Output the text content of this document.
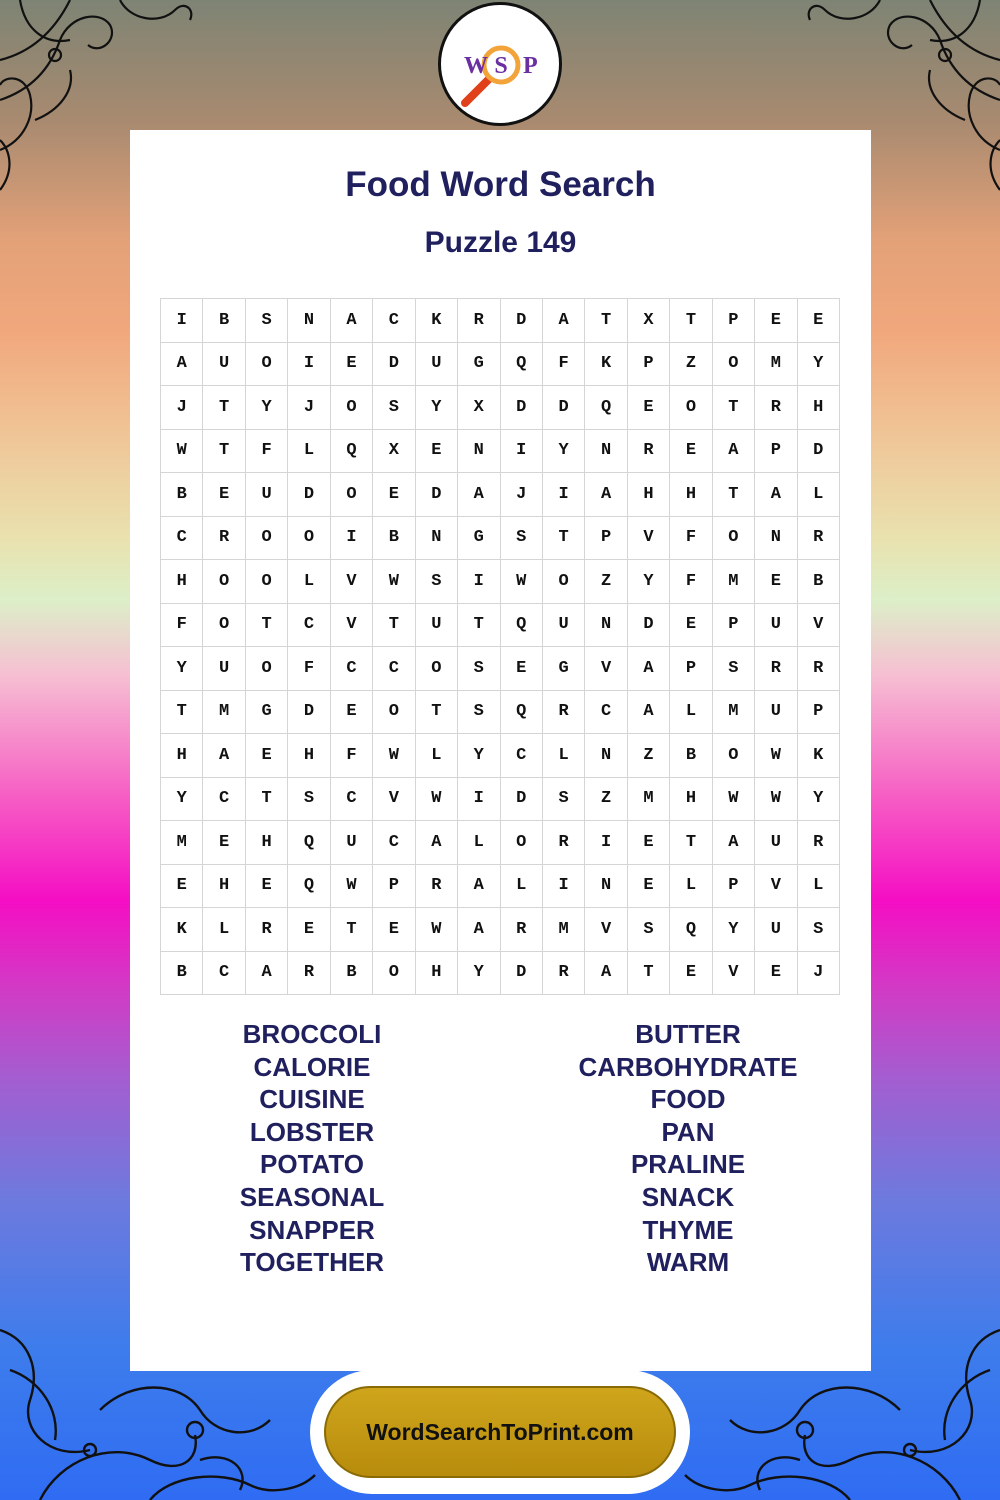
W S P
Food Word Search
Puzzle 149
I	B	S	N	A	C	K	R	D	A	T	X	T	P	E	E
A	U	O	I	E	D	U	G	Q	F	K	P	Z	O	M	Y
J	T	Y	J	O	S	Y	X	D	D	Q	E	O	T	R	H
W	T	F	L	Q	X	E	N	I	Y	N	R	E	A	P	D
B	E	U	D	O	E	D	A	J	I	A	H	H	T	A	L
C	R	O	O	I	B	N	G	S	T	P	V	F	O	N	R
H	O	O	L	V	W	S	I	W	O	Z	Y	F	M	E	B
F	O	T	C	V	T	U	T	Q	U	N	D	E	P	U	V
Y	U	O	F	C	C	O	S	E	G	V	A	P	S	R	R
T	M	G	D	E	O	T	S	Q	R	C	A	L	M	U	P
H	A	E	H	F	W	L	Y	C	L	N	Z	B	O	W	K
Y	C	T	S	C	V	W	I	D	S	Z	M	H	W	W	Y
M	E	H	Q	U	C	A	L	O	R	I	E	T	A	U	R
E	H	E	Q	W	P	R	A	L	I	N	E	L	P	V	L
K	L	R	E	T	E	W	A	R	M	V	S	Q	Y	U	S
B	C	A	R	B	O	H	Y	D	R	A	T	E	V	E	J
BROCCOLI
CALORIE
CUISINE
LOBSTER
POTATO
SEASONAL
SNAPPER
TOGETHER
BUTTER
CARBOHYDRATE
FOOD
PAN
PRALINE
SNACK
THYME
WARM
WordSearchToPrint.com
